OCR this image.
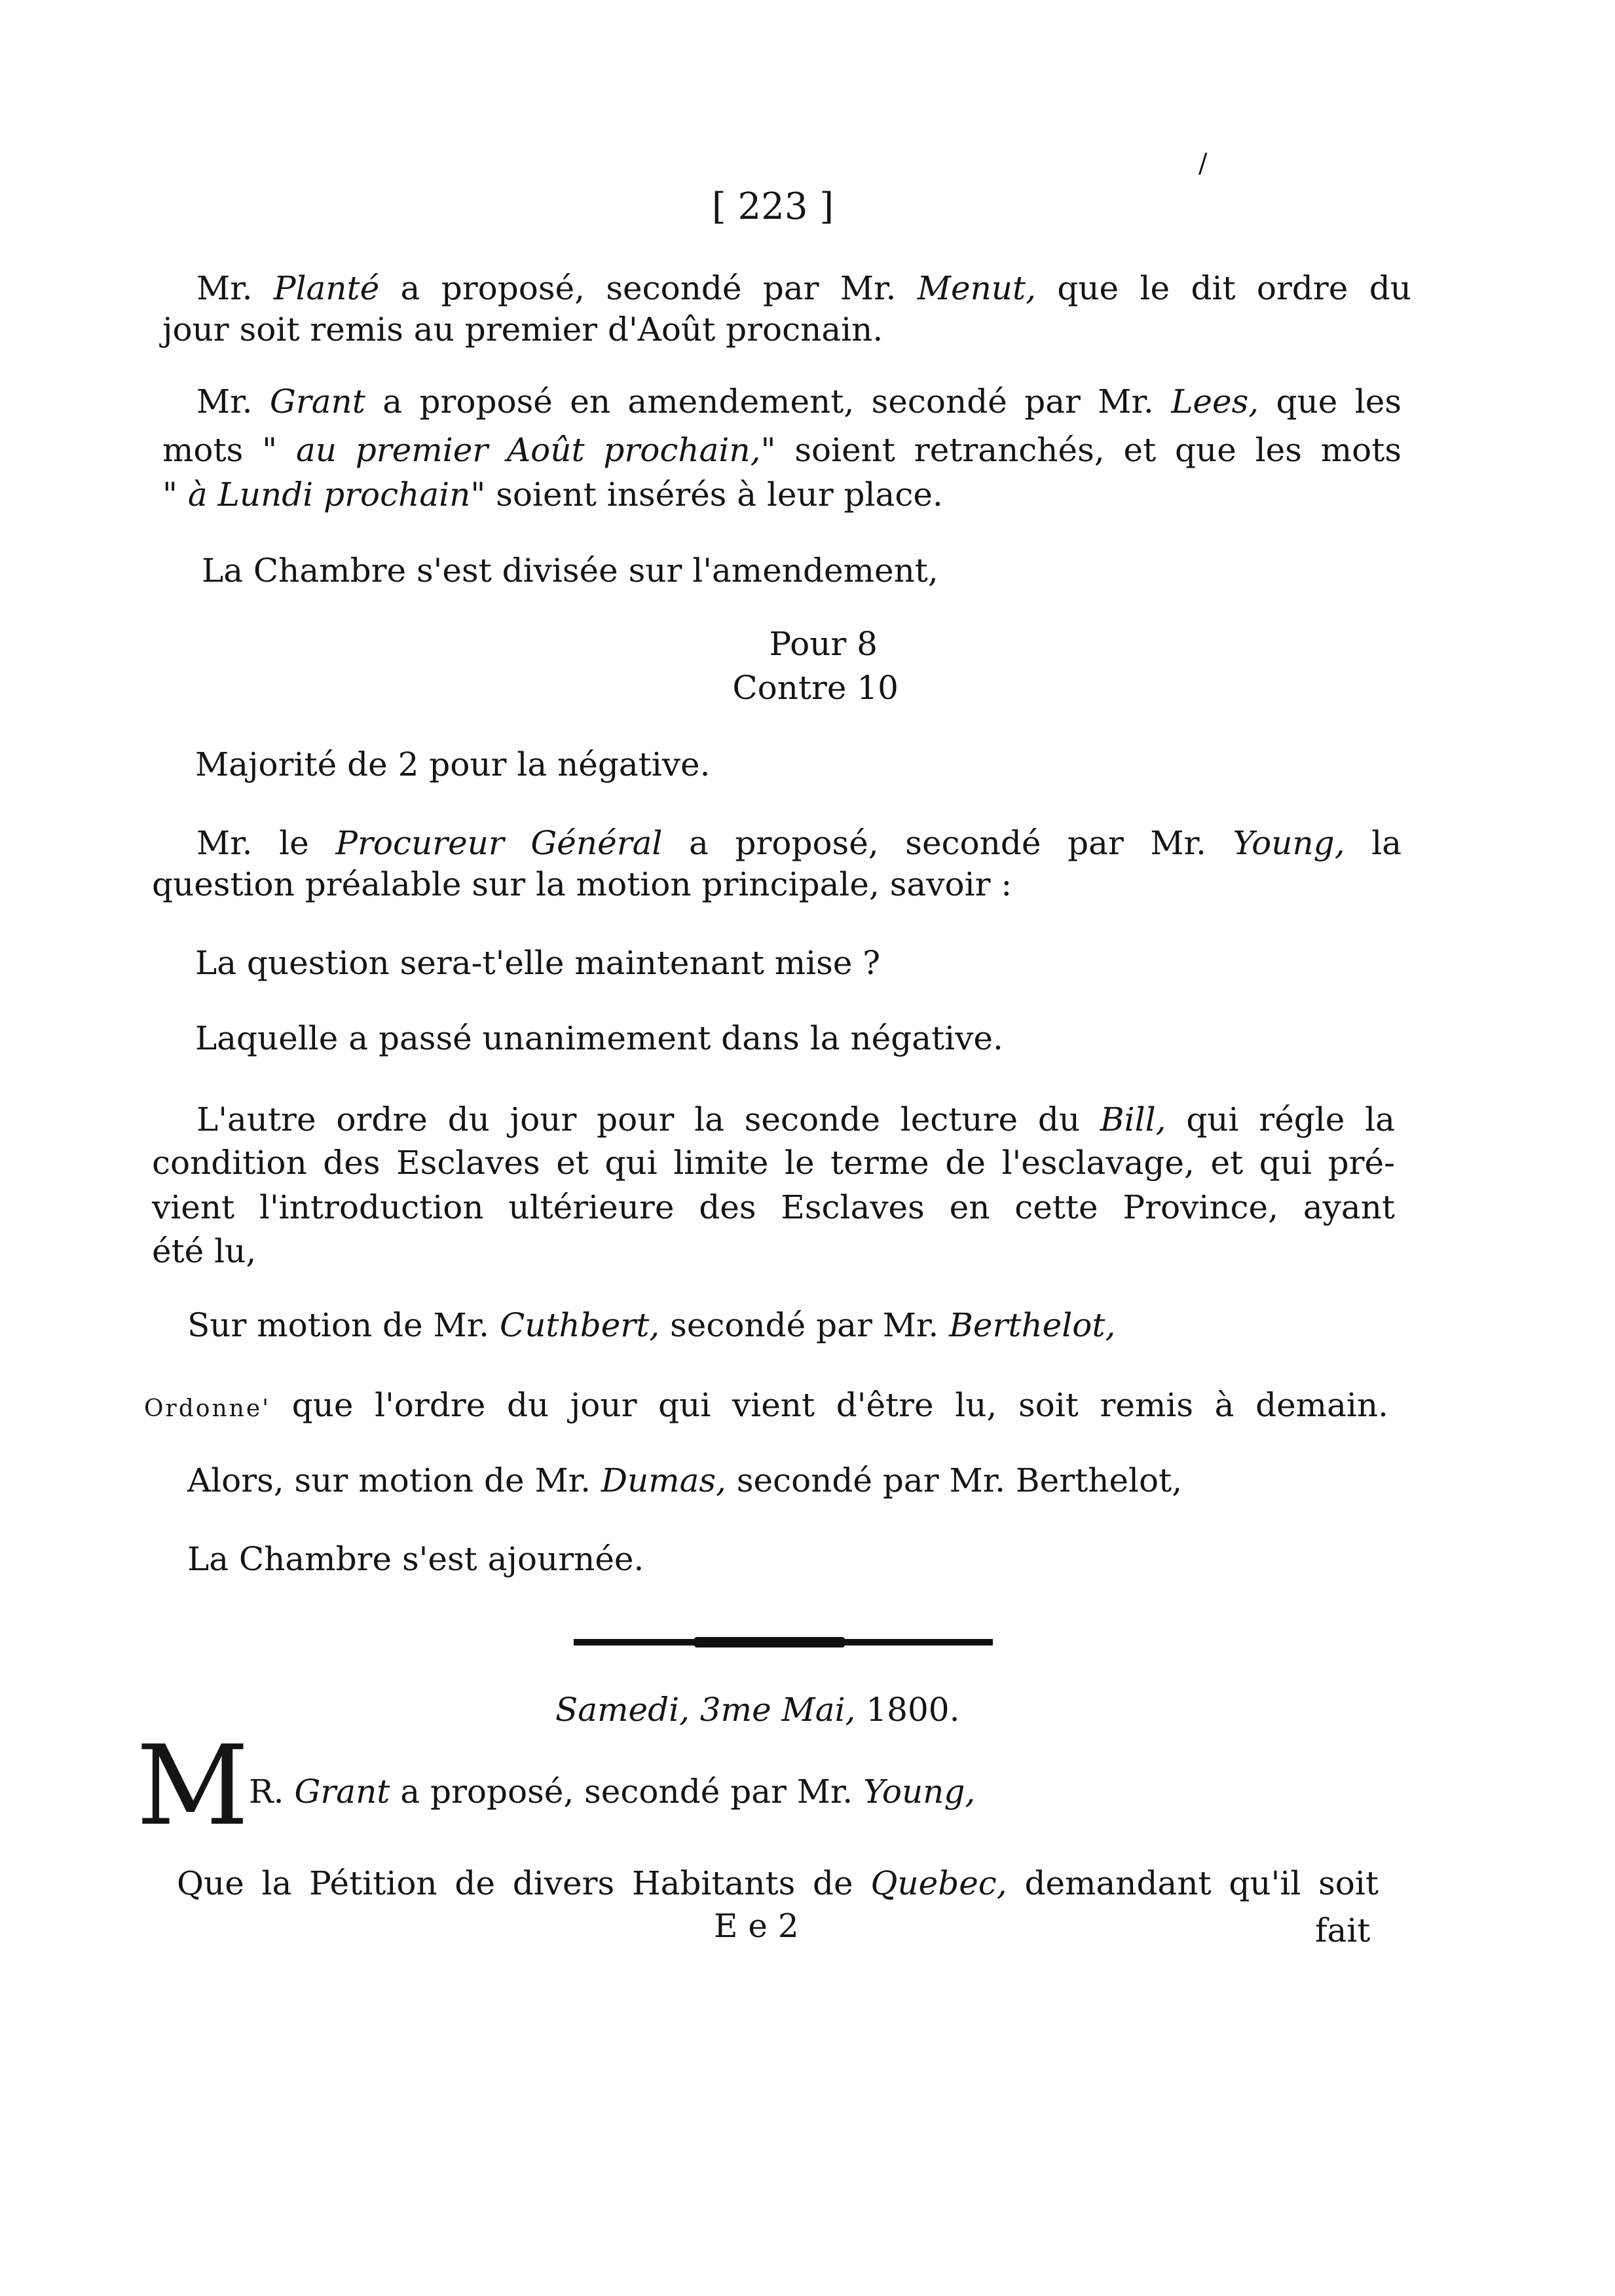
[ 223 ]
/
Mr. Planté a proposé, secondé par Mr. Menut, que le dit ordre du
jour soit remis au premier d'Août procnain.
Mr. Grant a proposé en amendement, secondé par Mr. Lees, que les
mots " au premier Août prochain," soient retranchés, et que les mots
" à Lundi prochain" soient insérés à leur place.
La Chambre s'est divisée sur l'amendement,
Pour 8
Contre 10
Majorité de 2 pour la négative.
Mr. le Procureur Général a proposé, secondé par Mr. Young, la
question préalable sur la motion principale, savoir :
La question sera-t'elle maintenant mise ?
Laquelle a passé unanimement dans la négative.
L'autre ordre du jour pour la seconde lecture du Bill, qui régle la
condition des Esclaves et qui limite le terme de l'esclavage, et qui pré-
vient l'introduction ultérieure des Esclaves en cette Province, ayant
été lu,
Sur motion de Mr. Cuthbert, secondé par Mr. Berthelot,
Ordonne' que l'ordre du jour qui vient d'être lu, soit remis à demain.
Alors, sur motion de Mr. Dumas, secondé par Mr. Berthelot,
La Chambre s'est ajournée.
Samedi, 3me Mai, 1800.
M R. Grant a proposé, secondé par Mr. Young,
Que la Pétition de divers Habitants de Quebec, demandant qu'il soit
E e 2	fait
